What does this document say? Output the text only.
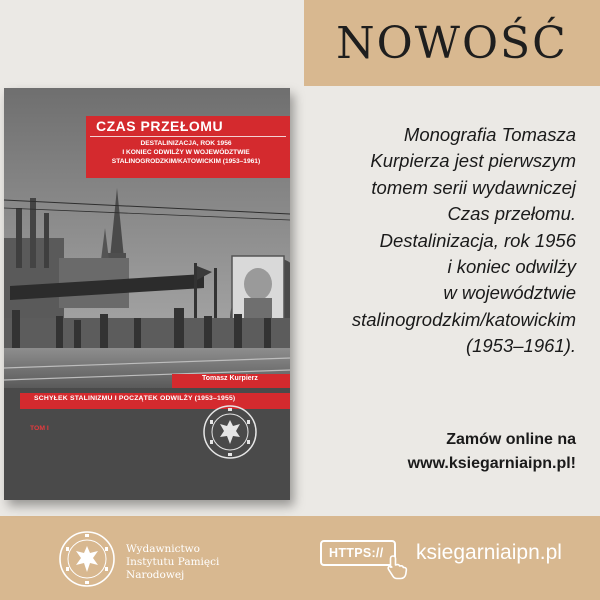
NOWOŚĆ
CZAS PRZEŁOMU
DESTALINIZACJA, ROK 1956
I KONIEC ODWILŻY W WOJEWÓDZTWIE
STALINOGRODZKIM/KATOWICKIM (1953–1961)
Tomasz Kurpierz
SCHYŁEK STALINIZMU I POCZĄTEK ODWILŻY (1953–1955)
TOM I
Monografia Tomasza
Kurpierza jest pierwszym
tomem serii wydawniczej
Czas przełomu.
Destalinizacja, rok 1956
i koniec odwilży
w województwie
stalinogrodzkim/katowickim
(1953–1961).
Zamów online na
www.ksiegarniaipn.pl!
Wydawnictwo
Instytutu Pamięci
Narodowej
HTTPS:// ksiegarniaipn.pl
